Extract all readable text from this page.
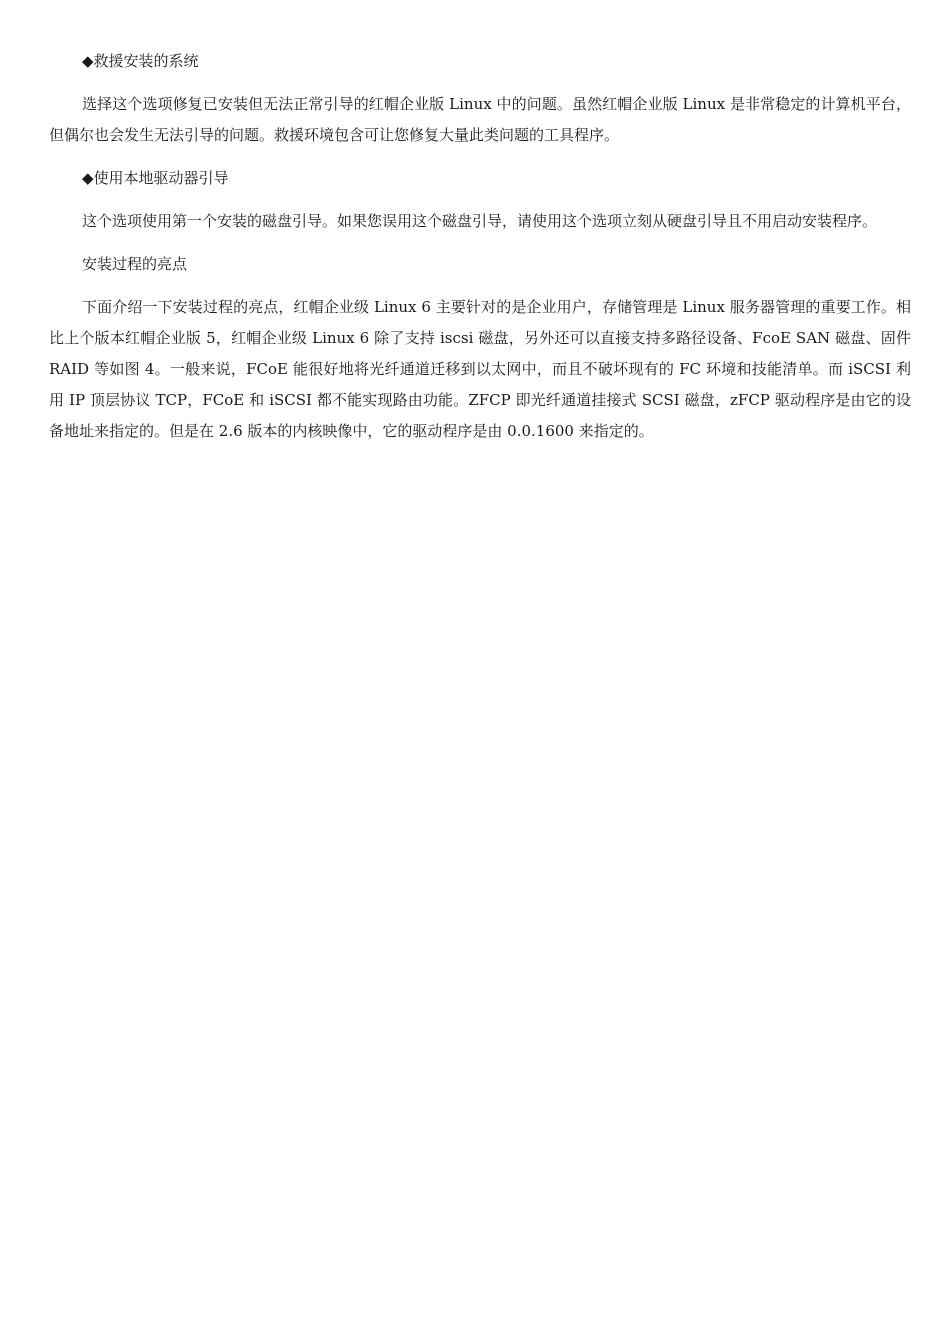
◆救援安装的系统

选择这个选项修复已安装但无法正常引导的红帽企业版 Linux 中的问题。虽然红帽企业版 Linux 是非常稳定的计算机平台，但偶尔也会发生无法引导的问题。救援环境包含可让您修复大量此类问题的工具程序。

◆使用本地驱动器引导

这个选项使用第一个安装的磁盘引导。如果您误用这个磁盘引导，请使用这个选项立刻从硬盘引导且不用启动安装程序。

安装过程的亮点

下面介绍一下安装过程的亮点，红帽企业级 Linux 6 主要针对的是企业用户，存储管理是 Linux 服务器管理的重要工作。相比上个版本红帽企业版 5，红帽企业级 Linux 6 除了支持 iscsi 磁盘，另外还可以直接支持多路径设备、FcoE SAN 磁盘、固件 RAID 等如图 4。一般来说，FCoE 能很好地将光纤通道迁移到以太网中，而且不破坏现有的 FC 环境和技能清单。而 iSCSI 利用 IP 顶层协议 TCP，FCoE 和 iSCSI 都不能实现路由功能。ZFCP 即光纤通道挂接式 SCSI 磁盘，zFCP 驱动程序是由它的设备地址来指定的。但是在 2.6 版本的内核映像中，它的驱动程序是由 0.0.1600 来指定的。
